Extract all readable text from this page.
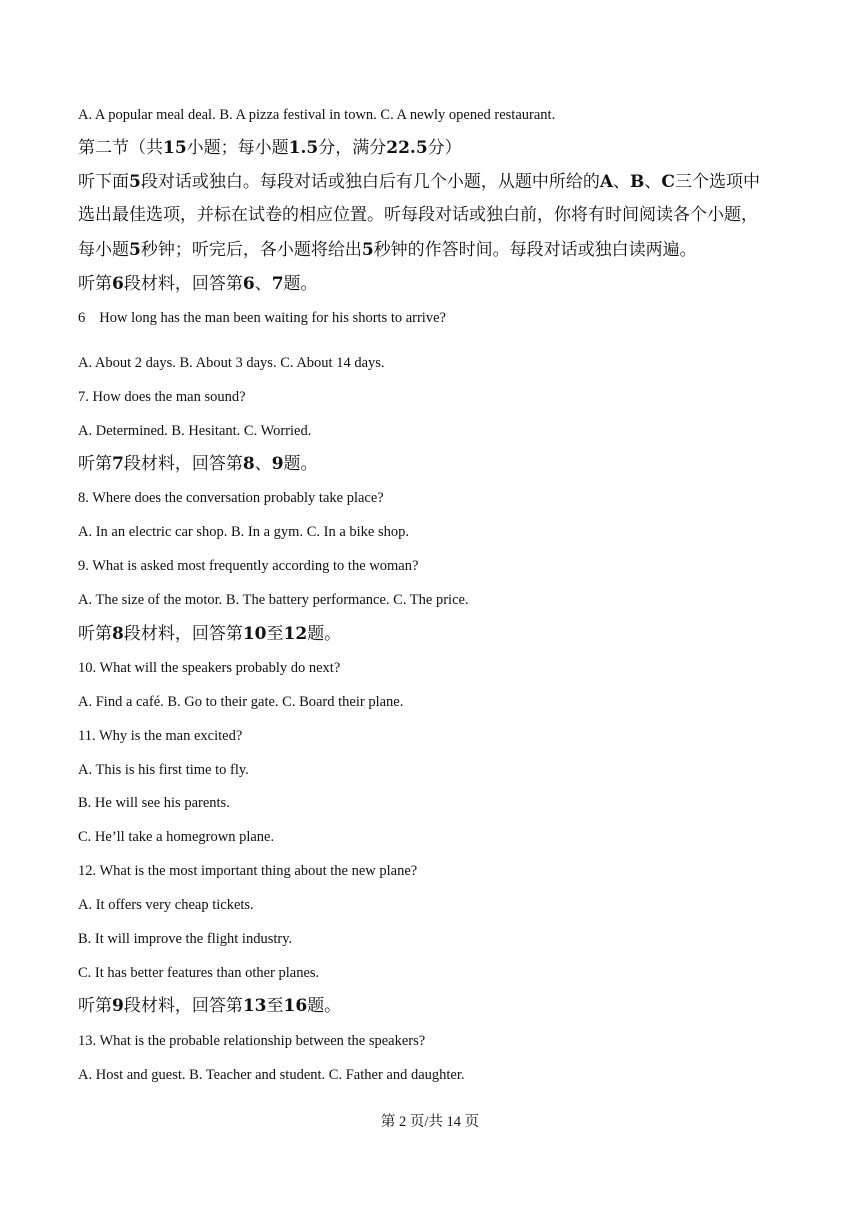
A. A popular meal deal. B. A pizza festival in town. C. A newly opened restaurant.
第二节（共15小题；每小题1.5分，满分22.5分）
听下面5段对话或独白。每段对话或独白后有几个小题，从题中所给的A、B、C三个选项中
选出最佳选项，并标在试卷的相应位置。听每段对话或独白前，你将有时间阅读各个小题，
每小题5秒钟；听完后，各小题将给出5秒钟的作答时间。每段对话或独白读两遍。
听第6段材料，回答第6、7题。
6 How long has the man been waiting for his shorts to arrive?
A. About 2 days. B. About 3 days. C. About 14 days.
7. How does the man sound?
A. Determined. B. Hesitant. C. Worried.
听第7段材料，回答第8、9题。
8. Where does the conversation probably take place?
A. In an electric car shop. B. In a gym. C. In a bike shop.
9. What is asked most frequently according to the woman?
A. The size of the motor. B. The battery performance. C. The price.
听第8段材料，回答第10至12题。
10. What will the speakers probably do next?
A. Find a café. B. Go to their gate. C. Board their plane.
11. Why is the man excited?
A. This is his first time to fly.
B. He will see his parents.
C. He’ll take a homegrown plane.
12. What is the most important thing about the new plane?
A. It offers very cheap tickets.
B. It will improve the flight industry.
C. It has better features than other planes.
听第9段材料，回答第13至16题。
13. What is the probable relationship between the speakers?
A. Host and guest. B. Teacher and student. C. Father and daughter.
第 2 页/共 14 页
